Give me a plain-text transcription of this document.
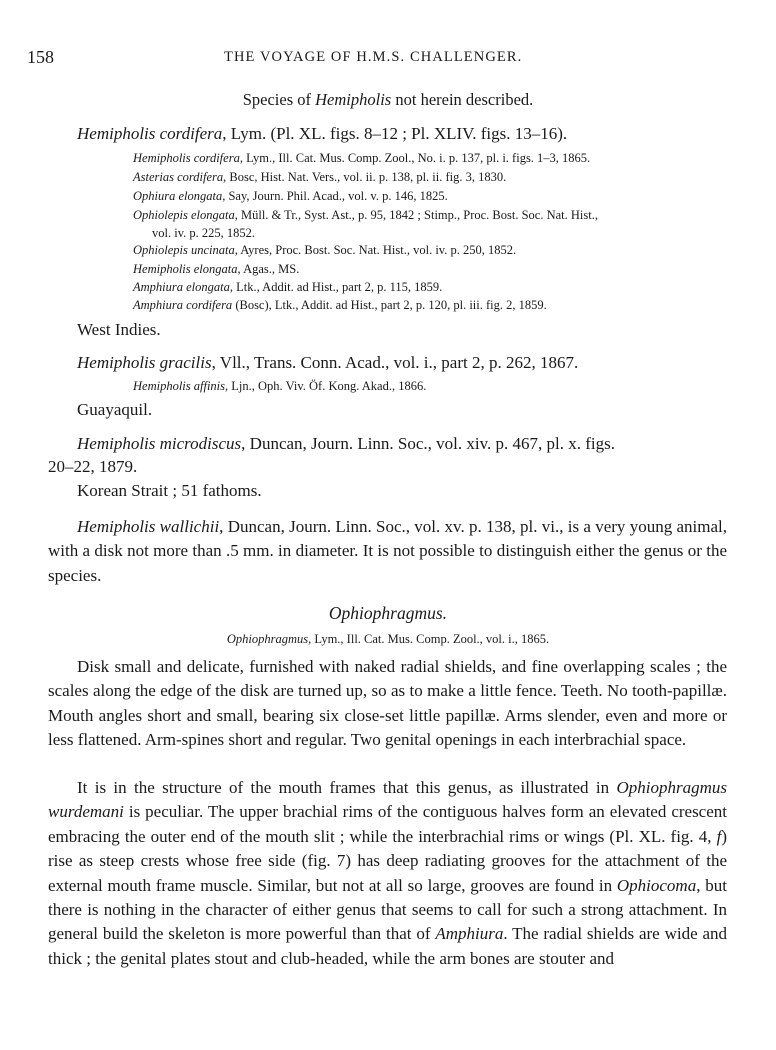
158	THE VOYAGE OF H.M.S. CHALLENGER.
Species of Hemipholis not herein described.
Hemipholis cordifera, Lym. (Pl. XL. figs. 8–12 ; Pl. XLIV. figs. 13–16).
Hemipholis cordifera, Lym., Ill. Cat. Mus. Comp. Zool., No. i. p. 137, pl. i. figs. 1–3, 1865.
Asterias cordifera, Bosc, Hist. Nat. Vers., vol. ii. p. 138, pl. ii. fig. 3, 1830.
Ophiura elongata, Say, Journ. Phil. Acad., vol. v. p. 146, 1825.
Ophiolepis elongata, Müll. & Tr., Syst. Ast., p. 95, 1842 ; Stimp., Proc. Bost. Soc. Nat. Hist.,
vol. iv. p. 225, 1852.
Ophiolepis uncinata, Ayres, Proc. Bost. Soc. Nat. Hist., vol. iv. p. 250, 1852.
Hemipholis elongata, Agas., MS.
Amphiura elongata, Ltk., Addit. ad Hist., part 2, p. 115, 1859.
Amphiura cordifera (Bosc), Ltk., Addit. ad Hist., part 2, p. 120, pl. iii. fig. 2, 1859.
West Indies.
Hemipholis gracilis, Vll., Trans. Conn. Acad., vol. i., part 2, p. 262, 1867.
Hemipholis affinis, Ljn., Oph. Viv. Öf. Kong. Akad., 1866.
Guayaquil.
Hemipholis microdiscus, Duncan, Journ. Linn. Soc., vol. xiv. p. 467, pl. x. figs.
20–22, 1879.
Korean Strait ; 51 fathoms.
Hemipholis wallichii, Duncan, Journ. Linn. Soc., vol. xv. p. 138, pl. vi., is a very young animal, with a disk not more than .5 mm. in diameter. It is not possible to distinguish either the genus or the species.
Ophiophragmus.
Ophiophragmus, Lym., Ill. Cat. Mus. Comp. Zool., vol. i., 1865.
Disk small and delicate, furnished with naked radial shields, and fine overlapping scales ; the scales along the edge of the disk are turned up, so as to make a little fence. Teeth. No tooth-papillæ. Mouth angles short and small, bearing six close-set little papillæ. Arms slender, even and more or less flattened. Arm-spines short and regular. Two genital openings in each interbrachial space.
It is in the structure of the mouth frames that this genus, as illustrated in Ophiophragmus wurdemani is peculiar. The upper brachial rims of the contiguous halves form an elevated crescent embracing the outer end of the mouth slit ; while the interbrachial rims or wings (Pl. XL. fig. 4, f) rise as steep crests whose free side (fig. 7) has deep radiating grooves for the attachment of the external mouth frame muscle. Similar, but not at all so large, grooves are found in Ophiocoma, but there is nothing in the character of either genus that seems to call for such a strong attachment. In general build the skeleton is more powerful than that of Amphiura. The radial shields are wide and thick ; the genital plates stout and club-headed, while the arm bones are stouter and
